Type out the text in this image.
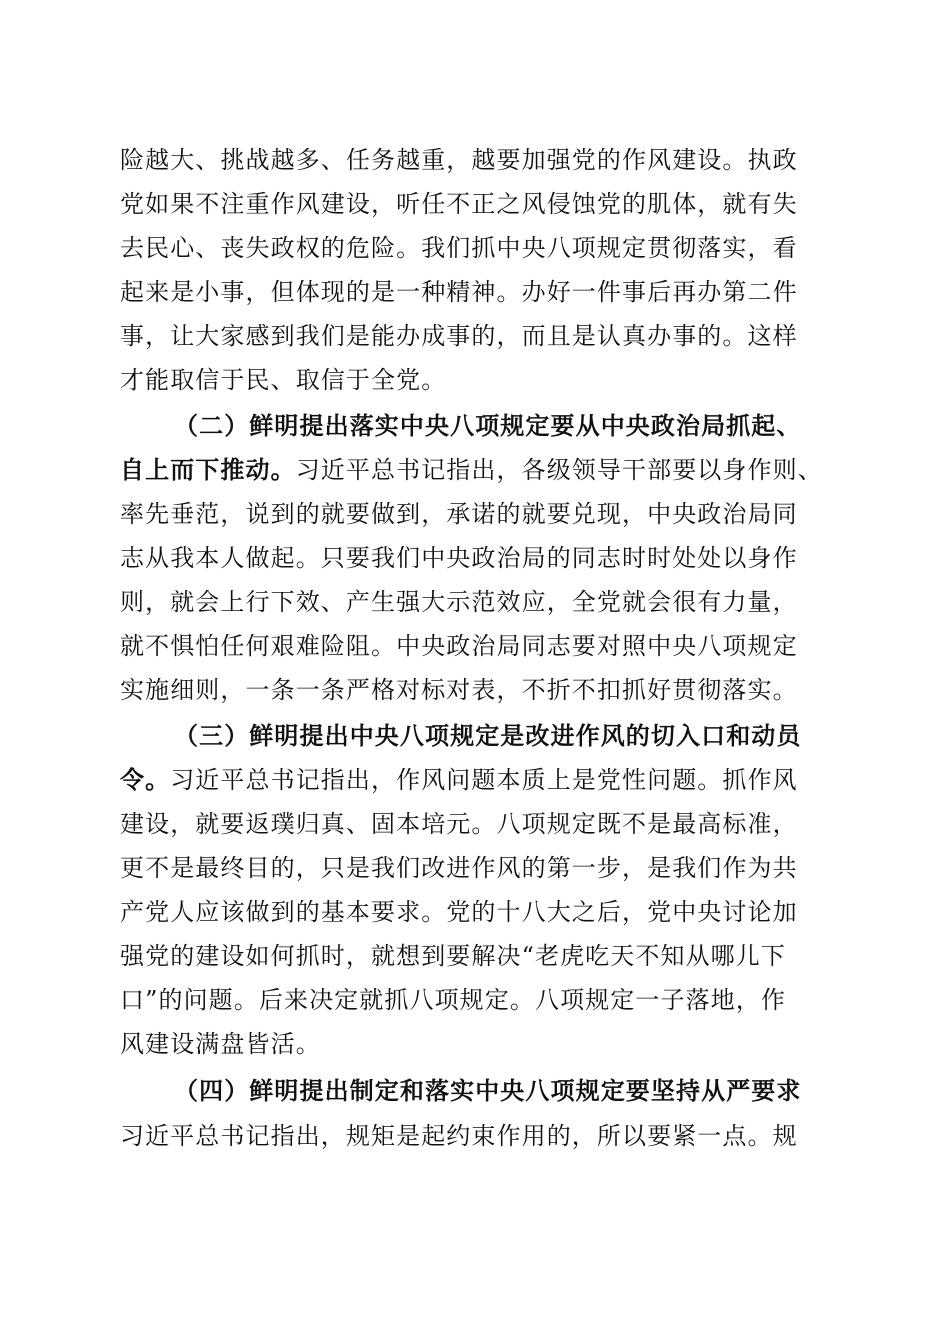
险越大、挑战越多、任务越重，越要加强党的作风建设。执政
党如果不注重作风建设，听任不正之风侵蚀党的肌体，就有失
去民心、丧失政权的危险。我们抓中央八项规定贯彻落实，看
起来是小事，但体现的是一种精神。办好一件事后再办第二件
事，让大家感到我们是能办成事的，而且是认真办事的。这样
才能取信于民、取信于全党。
（二）鲜明提出落实中央八项规定要从中央政治局抓起、
自上而下推动。习近平总书记指出，各级领导干部要以身作则、
率先垂范，说到的就要做到，承诺的就要兑现，中央政治局同
志从我本人做起。只要我们中央政治局的同志时时处处以身作
则，就会上行下效、产生强大示范效应，全党就会很有力量，
就不惧怕任何艰难险阻。中央政治局同志要对照中央八项规定
实施细则，一条一条严格对标对表，不折不扣抓好贯彻落实。
（三）鲜明提出中央八项规定是改进作风的切入口和动员
令。习近平总书记指出，作风问题本质上是党性问题。抓作风
建设，就要返璞归真、固本培元。八项规定既不是最高标准，
更不是最终目的，只是我们改进作风的第一步，是我们作为共
产党人应该做到的基本要求。党的十八大之后，党中央讨论加
强党的建设如何抓时，就想到要解决“老虎吃天不知从哪儿下
口”的问题。后来决定就抓八项规定。八项规定一子落地，作
风建设满盘皆活。
（四）鲜明提出制定和落实中央八项规定要坚持从严要求
习近平总书记指出，规矩是起约束作用的，所以要紧一点。规
